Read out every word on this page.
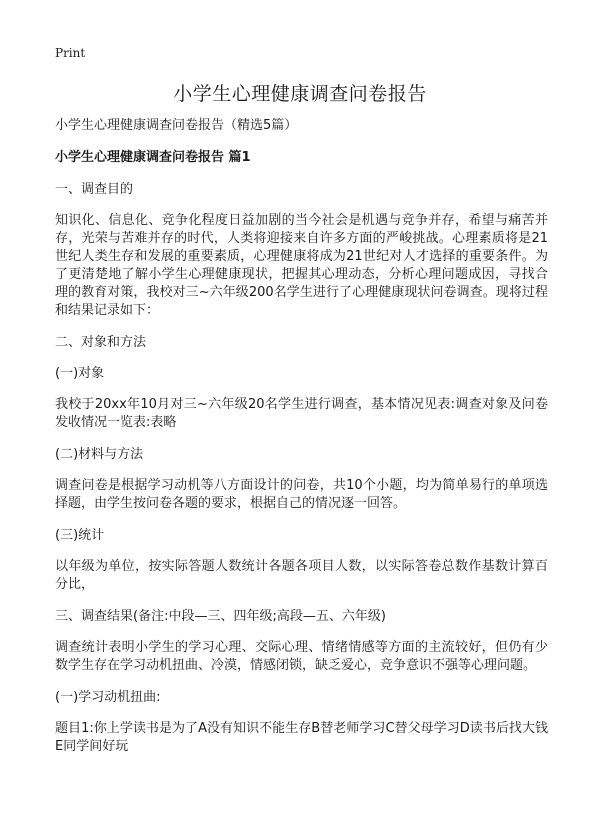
Print
小学生心理健康调查问卷报告

小学生心理健康调查问卷报告（精选5篇）

小学生心理健康调查问卷报告 篇1

一、调查目的

知识化、信息化、竞争化程度日益加剧的当今社会是机遇与竞争并存，希望与痛苦并存，光荣与苦难并存的时代，人类将迎接来自许多方面的严峻挑战。心理素质将是21世纪人类生存和发展的重要素质，心理健康将成为21世纪对人才选择的重要条件。为了更清楚地了解小学生心理健康现状，把握其心理动态，分析心理问题成因，寻找合理的教育对策，我校对三~六年级200名学生进行了心理健康现状问卷调查。现将过程和结果记录如下：

二、对象和方法

(一)对象

我校于20xx年10月对三~六年级20名学生进行调查，基本情况见表:调查对象及问卷发收情况一览表:表略

(二)材料与方法

调查问卷是根据学习动机等八方面设计的问卷，共10个小题，均为简单易行的单项选择题，由学生按问卷各题的要求，根据自己的情况逐一回答。

(三)统计

以年级为单位，按实际答题人数统计各题各项目人数，以实际答卷总数作基数计算百分比，

三、调查结果(备注:中段—三、四年级;高段—五、六年级)

调查统计表明小学生的学习心理、交际心理、情绪情感等方面的主流较好，但仍有少数学生存在学习动机扭曲、冷漠，情感闭锁，缺乏爱心，竞争意识不强等心理问题。

(一)学习动机扭曲:

题目1:你上学读书是为了A没有知识不能生存B替老师学习C替父母学习D读书后找大钱E同学间好玩
